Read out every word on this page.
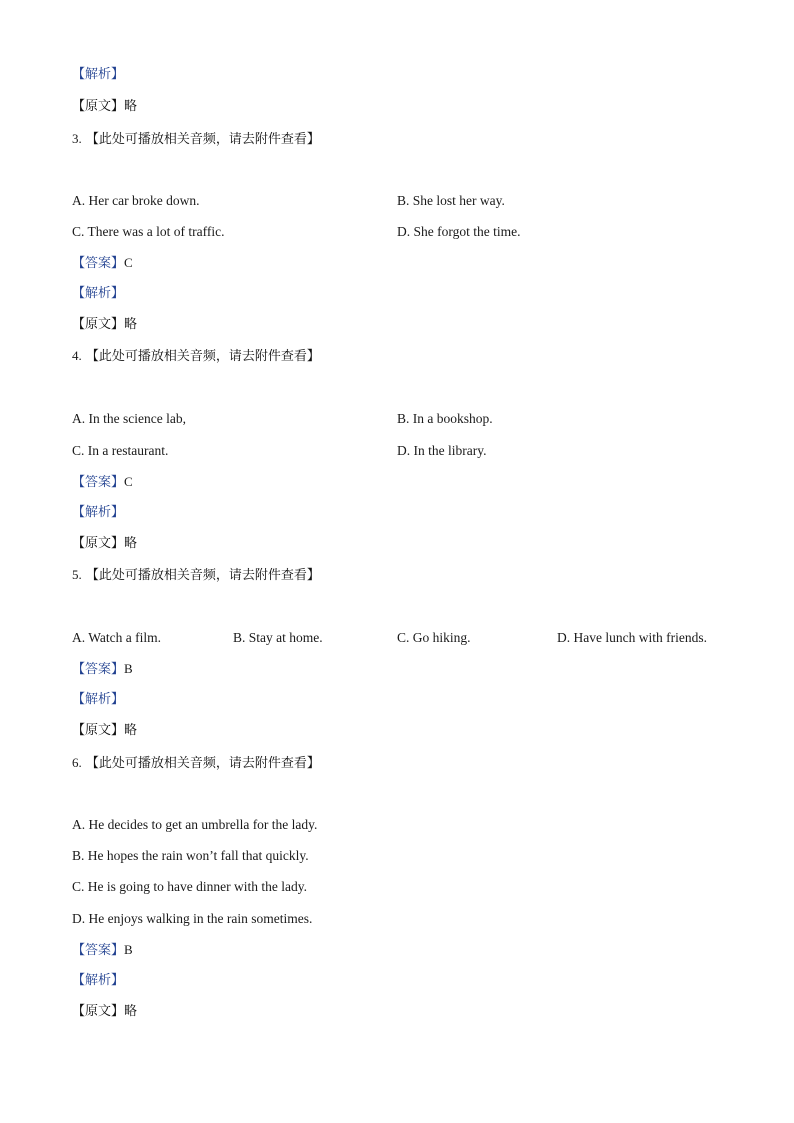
【解析】
【原文】略
3. 【此处可播放相关音频，请去附件查看】
A. Her car broke down.	B. She lost her way.
C. There was a lot of traffic.	D. She forgot the time.
【答案】C
【解析】
【原文】略
4. 【此处可播放相关音频，请去附件查看】
A. In the science lab,	B. In a bookshop.
C. In a restaurant.	D. In the library.
【答案】C
【解析】
【原文】略
5. 【此处可播放相关音频，请去附件查看】
A. Watch a film.	B. Stay at home.	C. Go hiking.	D. Have lunch with friends.
【答案】B
【解析】
【原文】略
6. 【此处可播放相关音频，请去附件查看】
A. He decides to get an umbrella for the lady.
B. He hopes the rain won’t fall that quickly.
C. He is going to have dinner with the lady.
D. He enjoys walking in the rain sometimes.
【答案】B
【解析】
【原文】略
